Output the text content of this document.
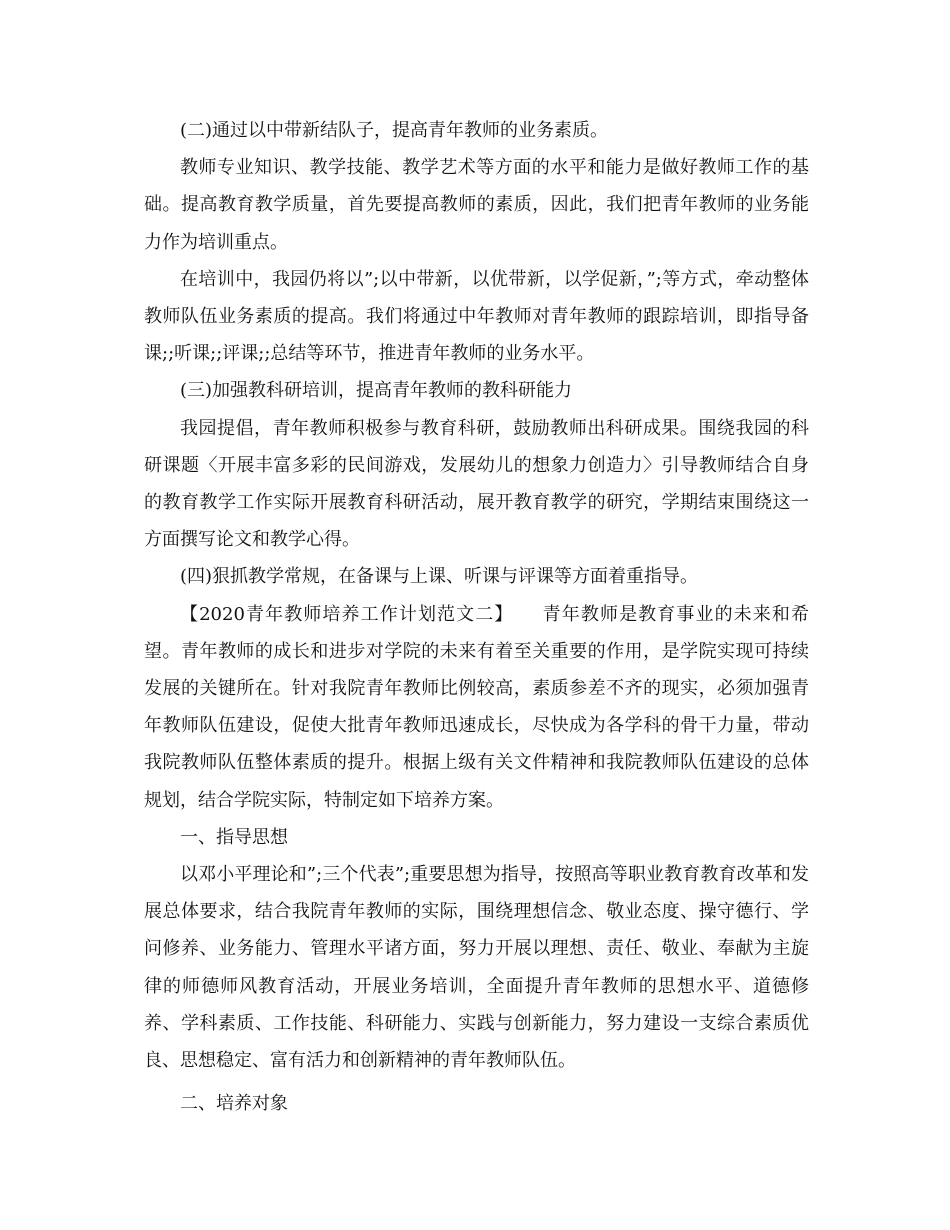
(二)通过以中带新结队子，提高青年教师的业务素质。

教师专业知识、教学技能、教学艺术等方面的水平和能力是做好教师工作的基础。提高教育教学质量，首先要提高教师的素质，因此，我们把青年教师的业务能力作为培训重点。

在培训中，我园仍将以”;以中带新，以优带新，以学促新，”;等方式，牵动整体教师队伍业务素质的提高。我们将通过中年教师对青年教师的跟踪培训，即指导备课;;听课;;评课;;总结等环节，推进青年教师的业务水平。

(三)加强教科研培训，提高青年教师的教科研能力

我园提倡，青年教师积极参与教育科研，鼓励教师出科研成果。围绕我园的科研课题〈开展丰富多彩的民间游戏，发展幼儿的想象力创造力〉引导教师结合自身的教育教学工作实际开展教育科研活动，展开教育教学的研究，学期结束围绕这一方面撰写论文和教学心得。

(四)狠抓教学常规，在备课与上课、听课与评课等方面着重指导。

【2020青年教师培养工作计划范文二】　　青年教师是教育事业的未来和希望。青年教师的成长和进步对学院的未来有着至关重要的作用，是学院实现可持续发展的关键所在。针对我院青年教师比例较高，素质参差不齐的现实，必须加强青年教师队伍建设，促使大批青年教师迅速成长，尽快成为各学科的骨干力量，带动我院教师队伍整体素质的提升。根据上级有关文件精神和我院教师队伍建设的总体规划，结合学院实际，特制定如下培养方案。

一、指导思想

以邓小平理论和”;三个代表”;重要思想为指导，按照高等职业教育教育改革和发展总体要求，结合我院青年教师的实际，围绕理想信念、敬业态度、操守德行、学问修养、业务能力、管理水平诸方面，努力开展以理想、责任、敬业、奉献为主旋律的师德师风教育活动，开展业务培训，全面提升青年教师的思想水平、道德修养、学科素质、工作技能、科研能力、实践与创新能力，努力建设一支综合素质优良、思想稳定、富有活力和创新精神的青年教师队伍。

二、培养对象
